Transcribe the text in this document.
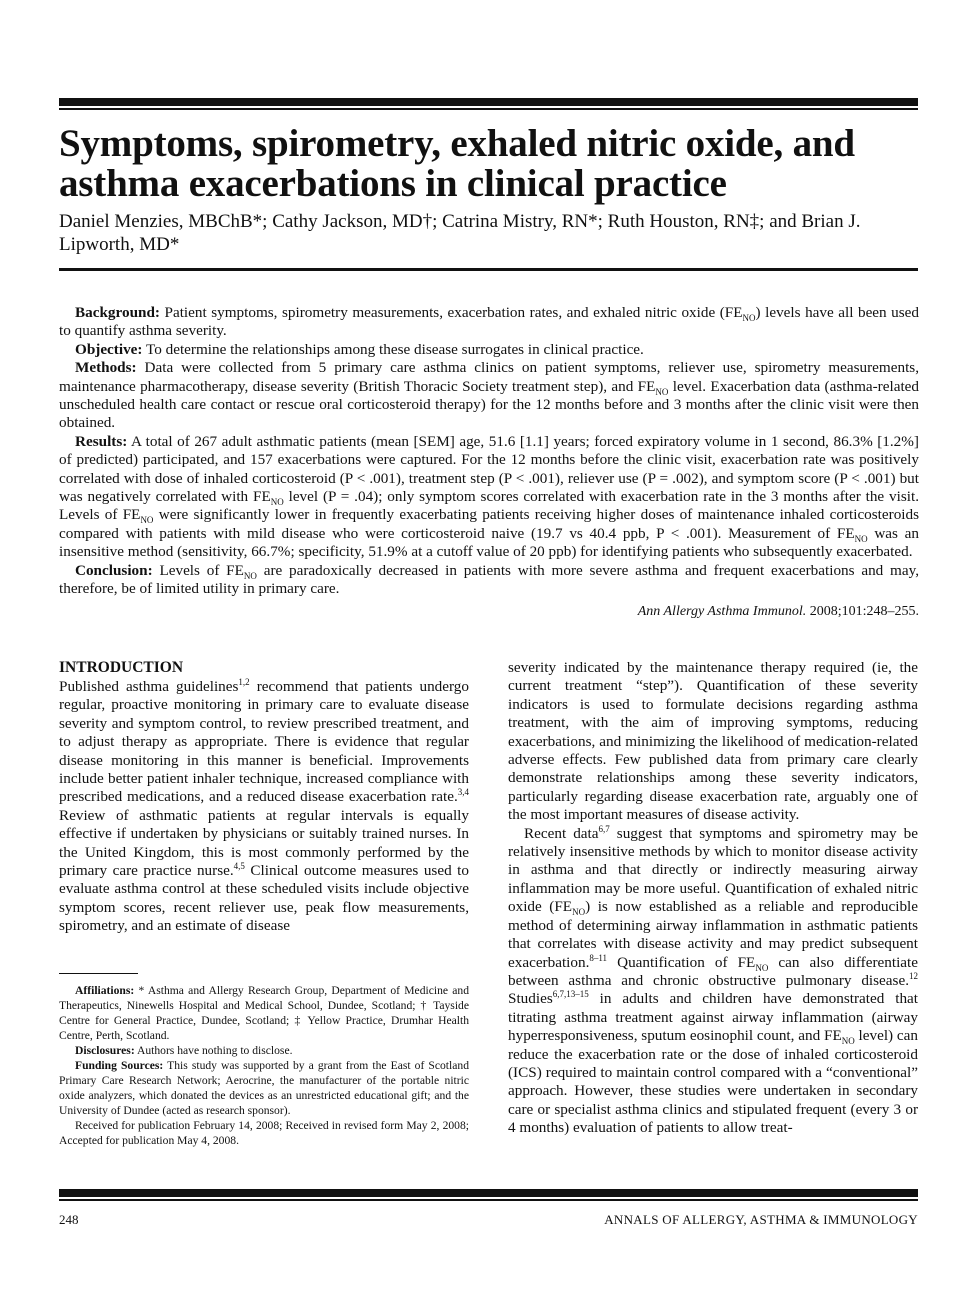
Symptoms, spirometry, exhaled nitric oxide, and asthma exacerbations in clinical practice

Daniel Menzies, MBChB*; Cathy Jackson, MD†; Catrina Mistry, RN*; Ruth Houston, RN‡; and Brian J. Lipworth, MD*

Background: Patient symptoms, spirometry measurements, exacerbation rates, and exhaled nitric oxide $(FE_{NO})$ levels have all been used to quantify asthma severity.

Objective: To determine the relationships among these disease surrogates in clinical practice.

Methods: Data were collected from 5 primary care asthma clinics on patient symptoms, reliever use, spirometry measurements, maintenance pharmacotherapy, disease severity (British Thoracic Society treatment step), and $FE_{NO}$ level. Exacerbation data (asthma-related unscheduled health care contact or rescue oral corticosteroid therapy) for the 12 months before and 3 months after the clinic visit were then obtained.

Results: A total of 267 adult asthmatic patients (mean [SEM] age, 51.6 [1.1] years; forced expiratory volume in 1 second, 86.3% [1.2%] of predicted) participated, and 157 exacerbations were captured. For the 12 months before the clinic visit, exacerbation rate was positively correlated with dose of inhaled corticosteroid (P < .001), treatment step (P < .001), reliever use (P = .002), and symptom score (P < .001) but was negatively correlated with $FE_{NO}$ level (P = .04); only symptom scores correlated with exacerbation rate in the 3 months after the visit. Levels of $FE_{NO}$ were significantly lower in frequently exacerbating patients receiving higher doses of maintenance inhaled corticosteroids compared with patients with mild disease who were corticosteroid naive (19.7 vs 40.4 ppb, P < .001). Measurement of $FE_{NO}$ was an insensitive method (sensitivity, 66.7%; specificity, 51.9% at a cutoff value of 20 ppb) for identifying patients who subsequently exacerbated.

Conclusion: Levels of $FE_{NO}$ are paradoxically decreased in patients with more severe asthma and frequent exacerbations and may, therefore, be of limited utility in primary care.

Ann Allergy Asthma Immunol. 2008;101:248–255.
INTRODUCTION

Published asthma guidelines$^{1,2}$ recommend that patients undergo regular, proactive monitoring in primary care to evaluate disease severity and symptom control, to review prescribed treatment, and to adjust therapy as appropriate. There is evidence that regular disease monitoring in this manner is beneficial. Improvements include better patient inhaler technique, increased compliance with prescribed medications, and a reduced disease exacerbation rate.$^{3,4}$ Review of asthmatic patients at regular intervals is equally effective if undertaken by physicians or suitably trained nurses. In the United Kingdom, this is most commonly performed by the primary care practice nurse.$^{4,5}$ Clinical outcome measures used to evaluate asthma control at these scheduled visits include objective symptom scores, recent reliever use, peak flow measurements, spirometry, and an estimate of disease

Affiliations: * Asthma and Allergy Research Group, Department of Medicine and Therapeutics, Ninewells Hospital and Medical School, Dundee, Scotland; † Tayside Centre for General Practice, Dundee, Scotland; ‡ Yellow Practice, Drumhar Health Centre, Perth, Scotland.

Disclosures: Authors have nothing to disclose.

Funding Sources: This study was supported by a grant from the East of Scotland Primary Care Research Network; Aerocrine, the manufacturer of the portable nitric oxide analyzers, which donated the devices as an unrestricted educational gift; and the University of Dundee (acted as research sponsor).

Received for publication February 14, 2008; Received in revised form May 2, 2008; Accepted for publication May 4, 2008.

severity indicated by the maintenance therapy required (ie, the current treatment “step”). Quantification of these severity indicators is used to formulate decisions regarding asthma treatment, with the aim of improving symptoms, reducing exacerbations, and minimizing the likelihood of medication-related adverse effects. Few published data from primary care clearly demonstrate relationships among these severity indicators, particularly regarding disease exacerbation rate, arguably one of the most important measures of disease activity.

Recent data$^{6,7}$ suggest that symptoms and spirometry may be relatively insensitive methods by which to monitor disease activity in asthma and that directly or indirectly measuring airway inflammation may be more useful. Quantification of exhaled nitric oxide $(FE_{NO})$ is now established as a reliable and reproducible method of determining airway inflammation in asthmatic patients that correlates with disease activity and may predict subsequent exacerbation.$^{8-11}$ Quantification of $FE_{NO}$ can also differentiate between asthma and chronic obstructive pulmonary disease.$^{12}$ Studies$^{6,7,13-15}$ in adults and children have demonstrated that titrating asthma treatment against airway inflammation (airway hyperresponsiveness, sputum eosinophil count, and $FE_{NO}$ level) can reduce the exacerbation rate or the dose of inhaled corticosteroid (ICS) required to maintain control compared with a “conventional” approach. However, these studies were undertaken in secondary care or specialist asthma clinics and stipulated frequent (every 3 or 4 months) evaluation of patients to allow treat-

248	ANNALS OF ALLERGY, ASTHMA & IMMUNOLOGY
